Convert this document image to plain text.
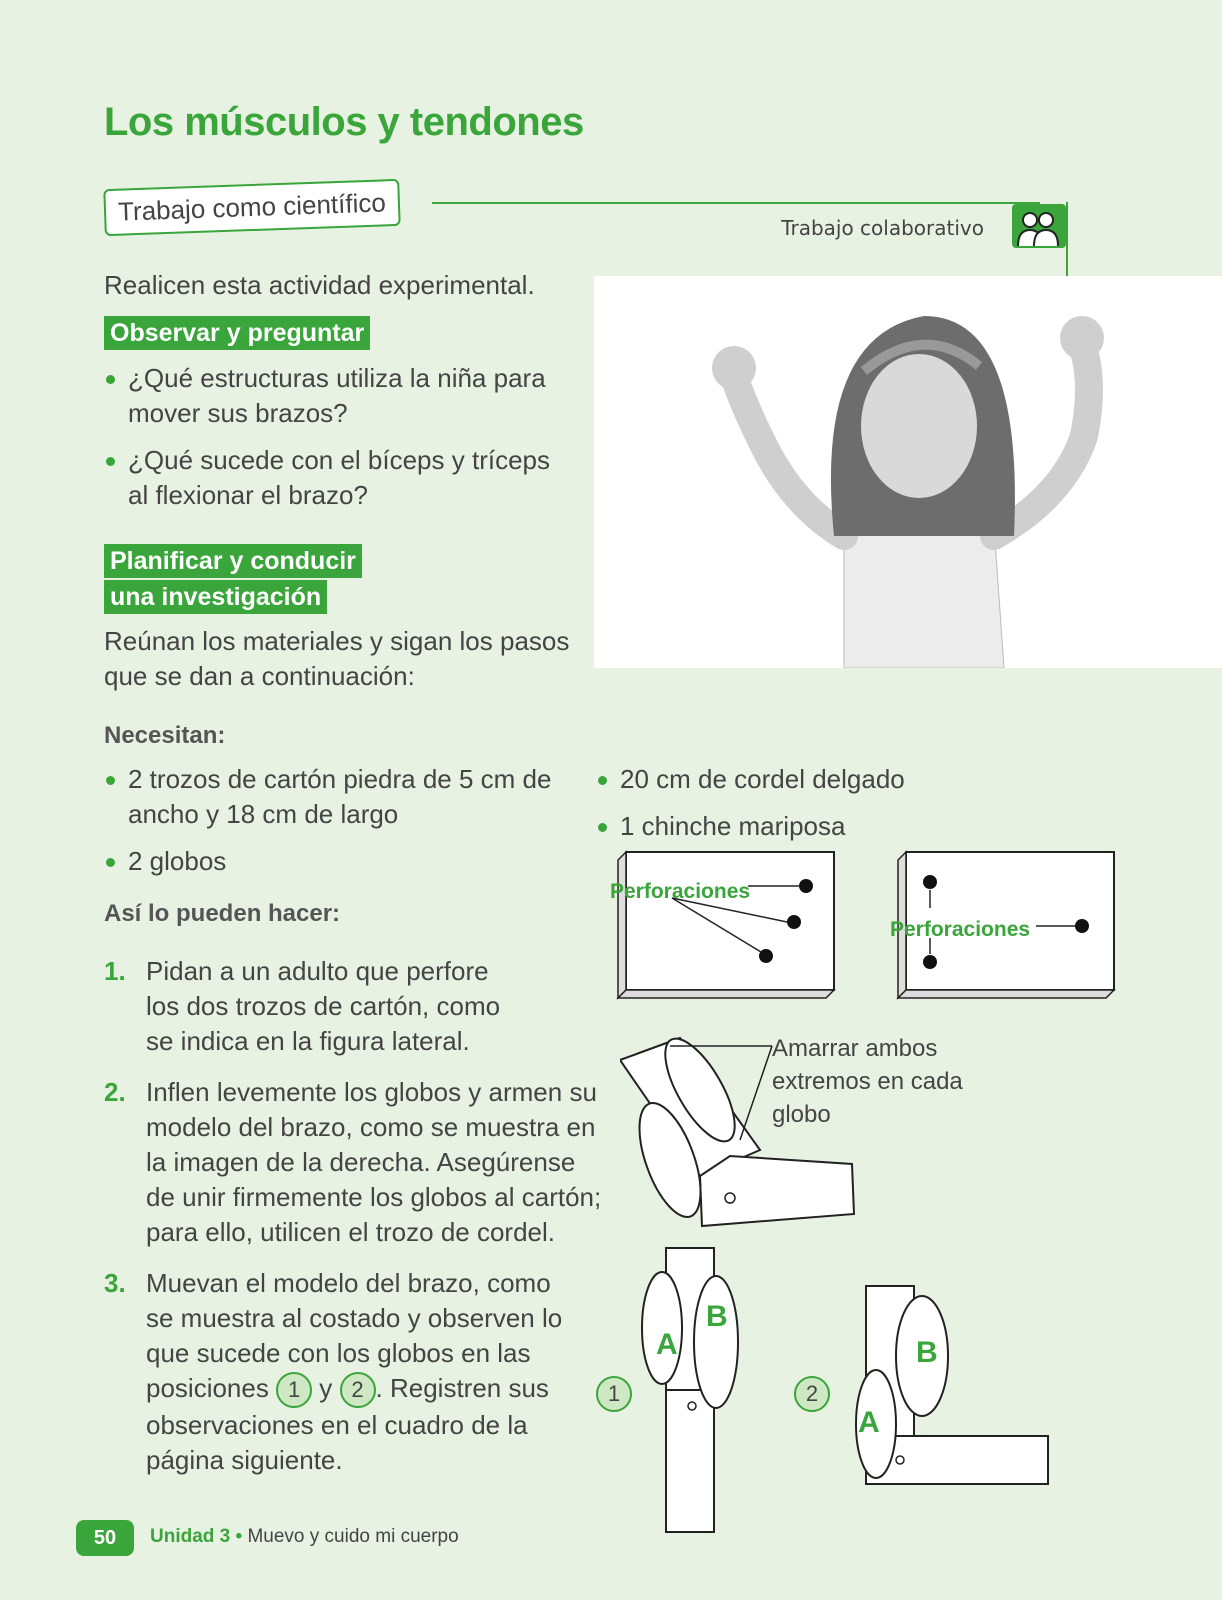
Los músculos y tendones
Trabajo como científico
Trabajo colaborativo
Realicen esta actividad experimental.
Observar y preguntar
¿Qué estructuras utiliza la niña para mover sus brazos?
¿Qué sucede con el bíceps y tríceps al flexionar el brazo?
Planificar y conducir
una investigación
Reúnan los materiales y sigan los pasos que se dan a continuación:
Necesitan:
2 trozos de cartón piedra de 5 cm de ancho y 18 cm de largo
2 globos
20 cm de cordel delgado
1 chinche mariposa
Así lo pueden hacer:
1. Pidan a un adulto que perfore los dos trozos de cartón, como se indica en la figura lateral.
2. Inflen levemente los globos y armen su modelo del brazo, como se muestra en la imagen de la derecha. Asegúrense de unir firmemente los globos al cartón; para ello, utilicen el trozo de cordel.
3. Muevan el modelo del brazo, como se muestra al costado y observen lo que sucede con los globos en las posiciones 1 y 2 . Registren sus observaciones en el cuadro de la página siguiente.
Perforaciones
Perforaciones
Amarrar ambos extremos en cada globo
A
B
1
A
B
2
50	Unidad 3 • Muevo y cuido mi cuerpo
